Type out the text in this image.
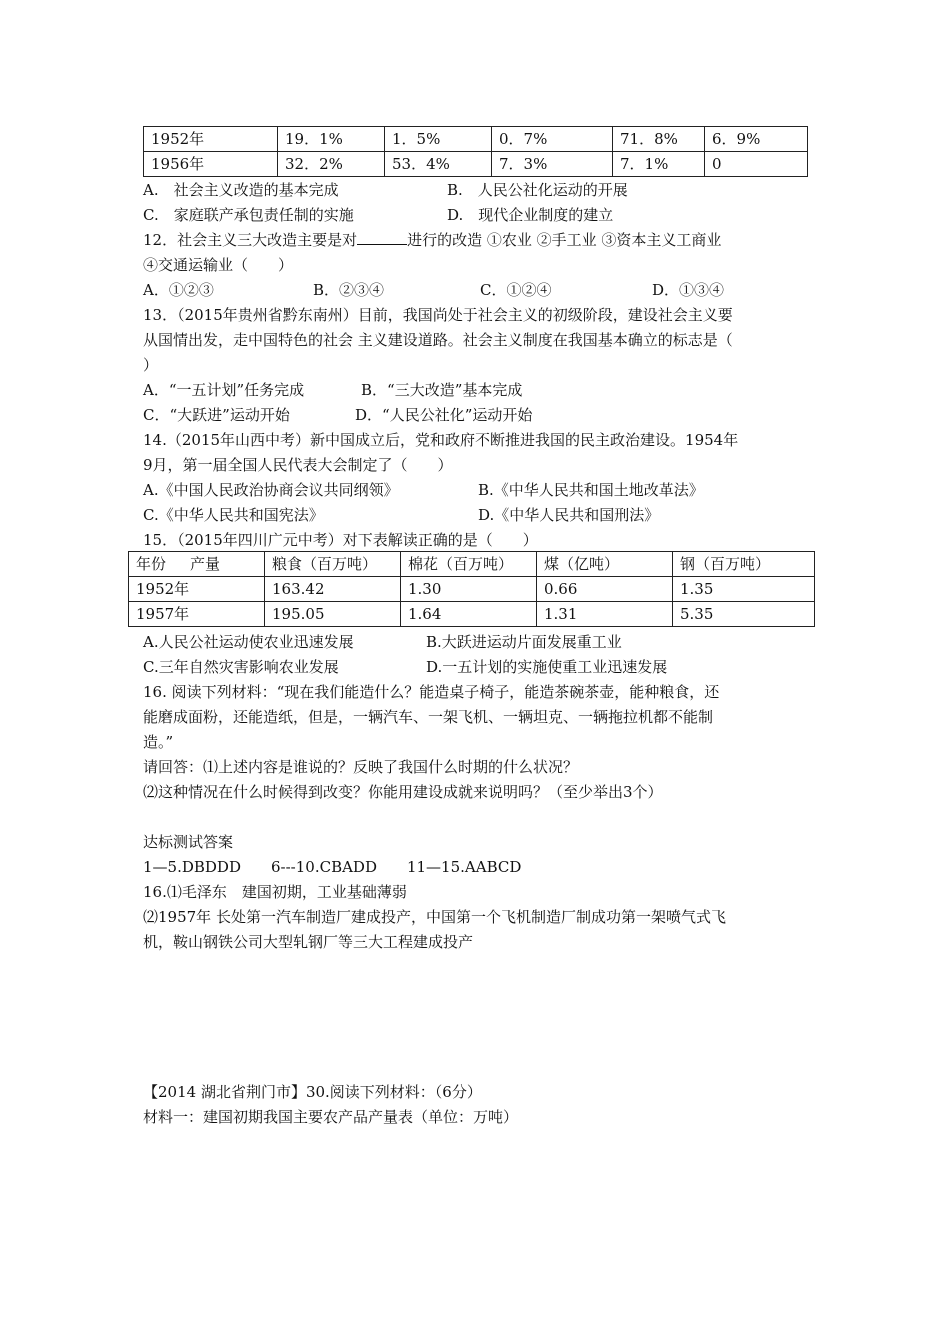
1952年	19．1%	1．5%	0．7%	71．8%	6．9%
1956年	32．2%	53．4%	7．3%	7．1%	0
A.　社会主义改造的基本完成	B.　人民公社化运动的开展
C.　家庭联产承包责任制的实施	D.　现代企业制度的建立
12．社会主义三大改造主要是对	进行的改造 ①农业 ②手工业 ③资本主义工商业
④交通运输业（　　）
A．①②③	B．②③④	C．①②④	D．①③④
13．（2015年贵州省黔东南州）目前，我国尚处于社会主义的初级阶段，建设社会主义要
从国情出发，走中国特色的社会 主义建设道路。社会主义制度在我国基本确立的标志是（
）
A．“一五计划”任务完成	B．“三大改造”基本完成
C．“大跃进”运动开始	D．“人民公社化”运动开始
14.（2015年山西中考）新中国成立后，党和政府不断推进我国的民主政治建设。1954年
9月，第一届全国人民代表大会制定了（　　）
A.《中国人民政治协商会议共同纲领》	B.《中华人民共和国土地改革法》
C.《中华人民共和国宪法》	D.《中华人民共和国刑法》
15．（2015年四川广元中考）对下表解读正确的是（　　）
年份 产量	粮食（百万吨）	棉花（百万吨）	煤（亿吨）	钢（百万吨）
1952年	163.42	1.30	0.66	1.35
1957年	195.05	1.64	1.31	5.35
A.人民公社运动使农业迅速发展	B.大跃进运动片面发展重工业
C.三年自然灾害影响农业发展	D.一五计划的实施使重工业迅速发展
16. 阅读下列材料：“现在我们能造什么？能造桌子椅子，能造茶碗茶壶，能种粮食，还
能磨成面粉，还能造纸，但是，一辆汽车、一架飞机、一辆坦克、一辆拖拉机都不能制
造。”
请回答：⑴上述内容是谁说的？反映了我国什么时期的什么状况？
⑵这种情况在什么时候得到改变？你能用建设成就来说明吗？（至少举出3个）
达标测试答案
1—5.DBDDD　　6---10.CBADD　　11—15.AABCD
16.⑴毛泽东　建国初期，工业基础薄弱
⑵1957年 长处第一汽车制造厂建成投产，中国第一个飞机制造厂制成功第一架喷气式飞
机，鞍山钢铁公司大型轧钢厂等三大工程建成投产
【2014 湖北省荆门市】30.阅读下列材料：（6分）
材料一：建国初期我国主要农产品产量表（单位：万吨）
